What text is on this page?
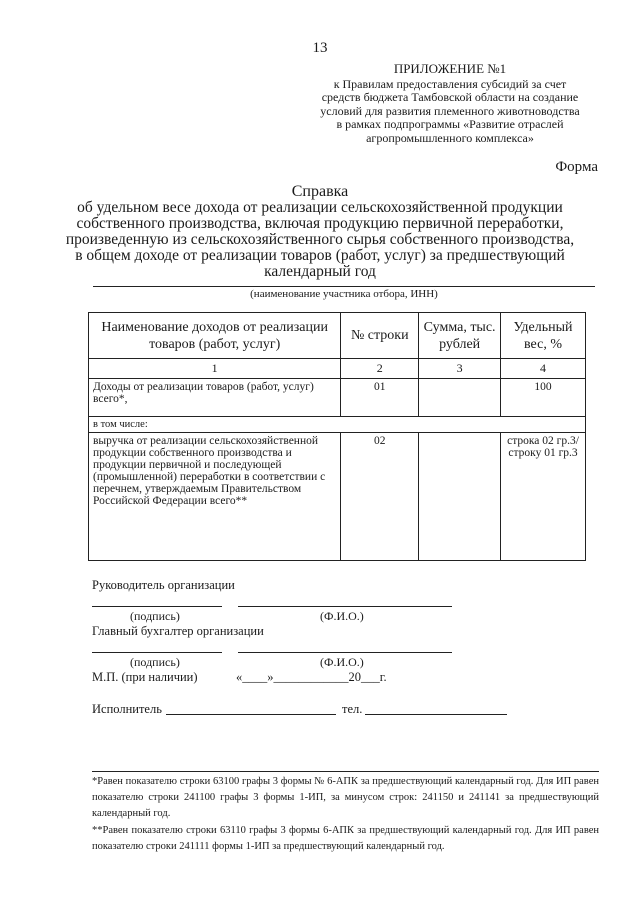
13
ПРИЛОЖЕНИЕ №1
к Правилам предоставления субсидий за счет
средств бюджета Тамбовской области на создание
условий для развития племенного животноводства
в рамках подпрограммы «Развитие отраслей
агропромышленного комплекса»
Форма
Справка
об удельном весе дохода от реализации сельскохозяйственной продукции
собственного производства, включая продукцию первичной переработки,
произведенную из сельскохозяйственного сырья собственного производства,
в общем доходе от реализации товаров (работ, услуг) за предшествующий
календарный год
(наименование участника отбора, ИНН)
Наименование доходов от реализации товаров (работ, услуг)	№ строки	Сумма, тыс. рублей	Удельный вес, %
1	2	3	4
Доходы от реализации товаров (работ, услуг) всего*,	01		100
в том числе:			
выручка от реализации сельскохозяйственной продукции собственного производства и продукции первичной и последующей (промышленной) переработки в соответствии с перечнем, утверждаемым Правительством Российской Федерации всего**	02		строка 02 гр.3/ строку 01 гр.3
Руководитель организации
(подпись)	(Ф.И.О.)
Главный бухгалтер организации
(подпись)	(Ф.И.О.)
М.П. (при наличии)	«____»____________20___г.
Исполнитель	тел.
*Равен показателю строки 63100 графы 3 формы № 6-АПК за предшествующий календарный год. Для ИП равен показателю строки 241100 графы 3 формы 1-ИП, за минусом строк: 241150 и 241141 за предшествующий календарный год.
**Равен показателю строки 63110 графы 3 формы 6-АПК за предшествующий календарный год. Для ИП равен показателю строки 241111 формы 1-ИП за предшествующий календарный год.
